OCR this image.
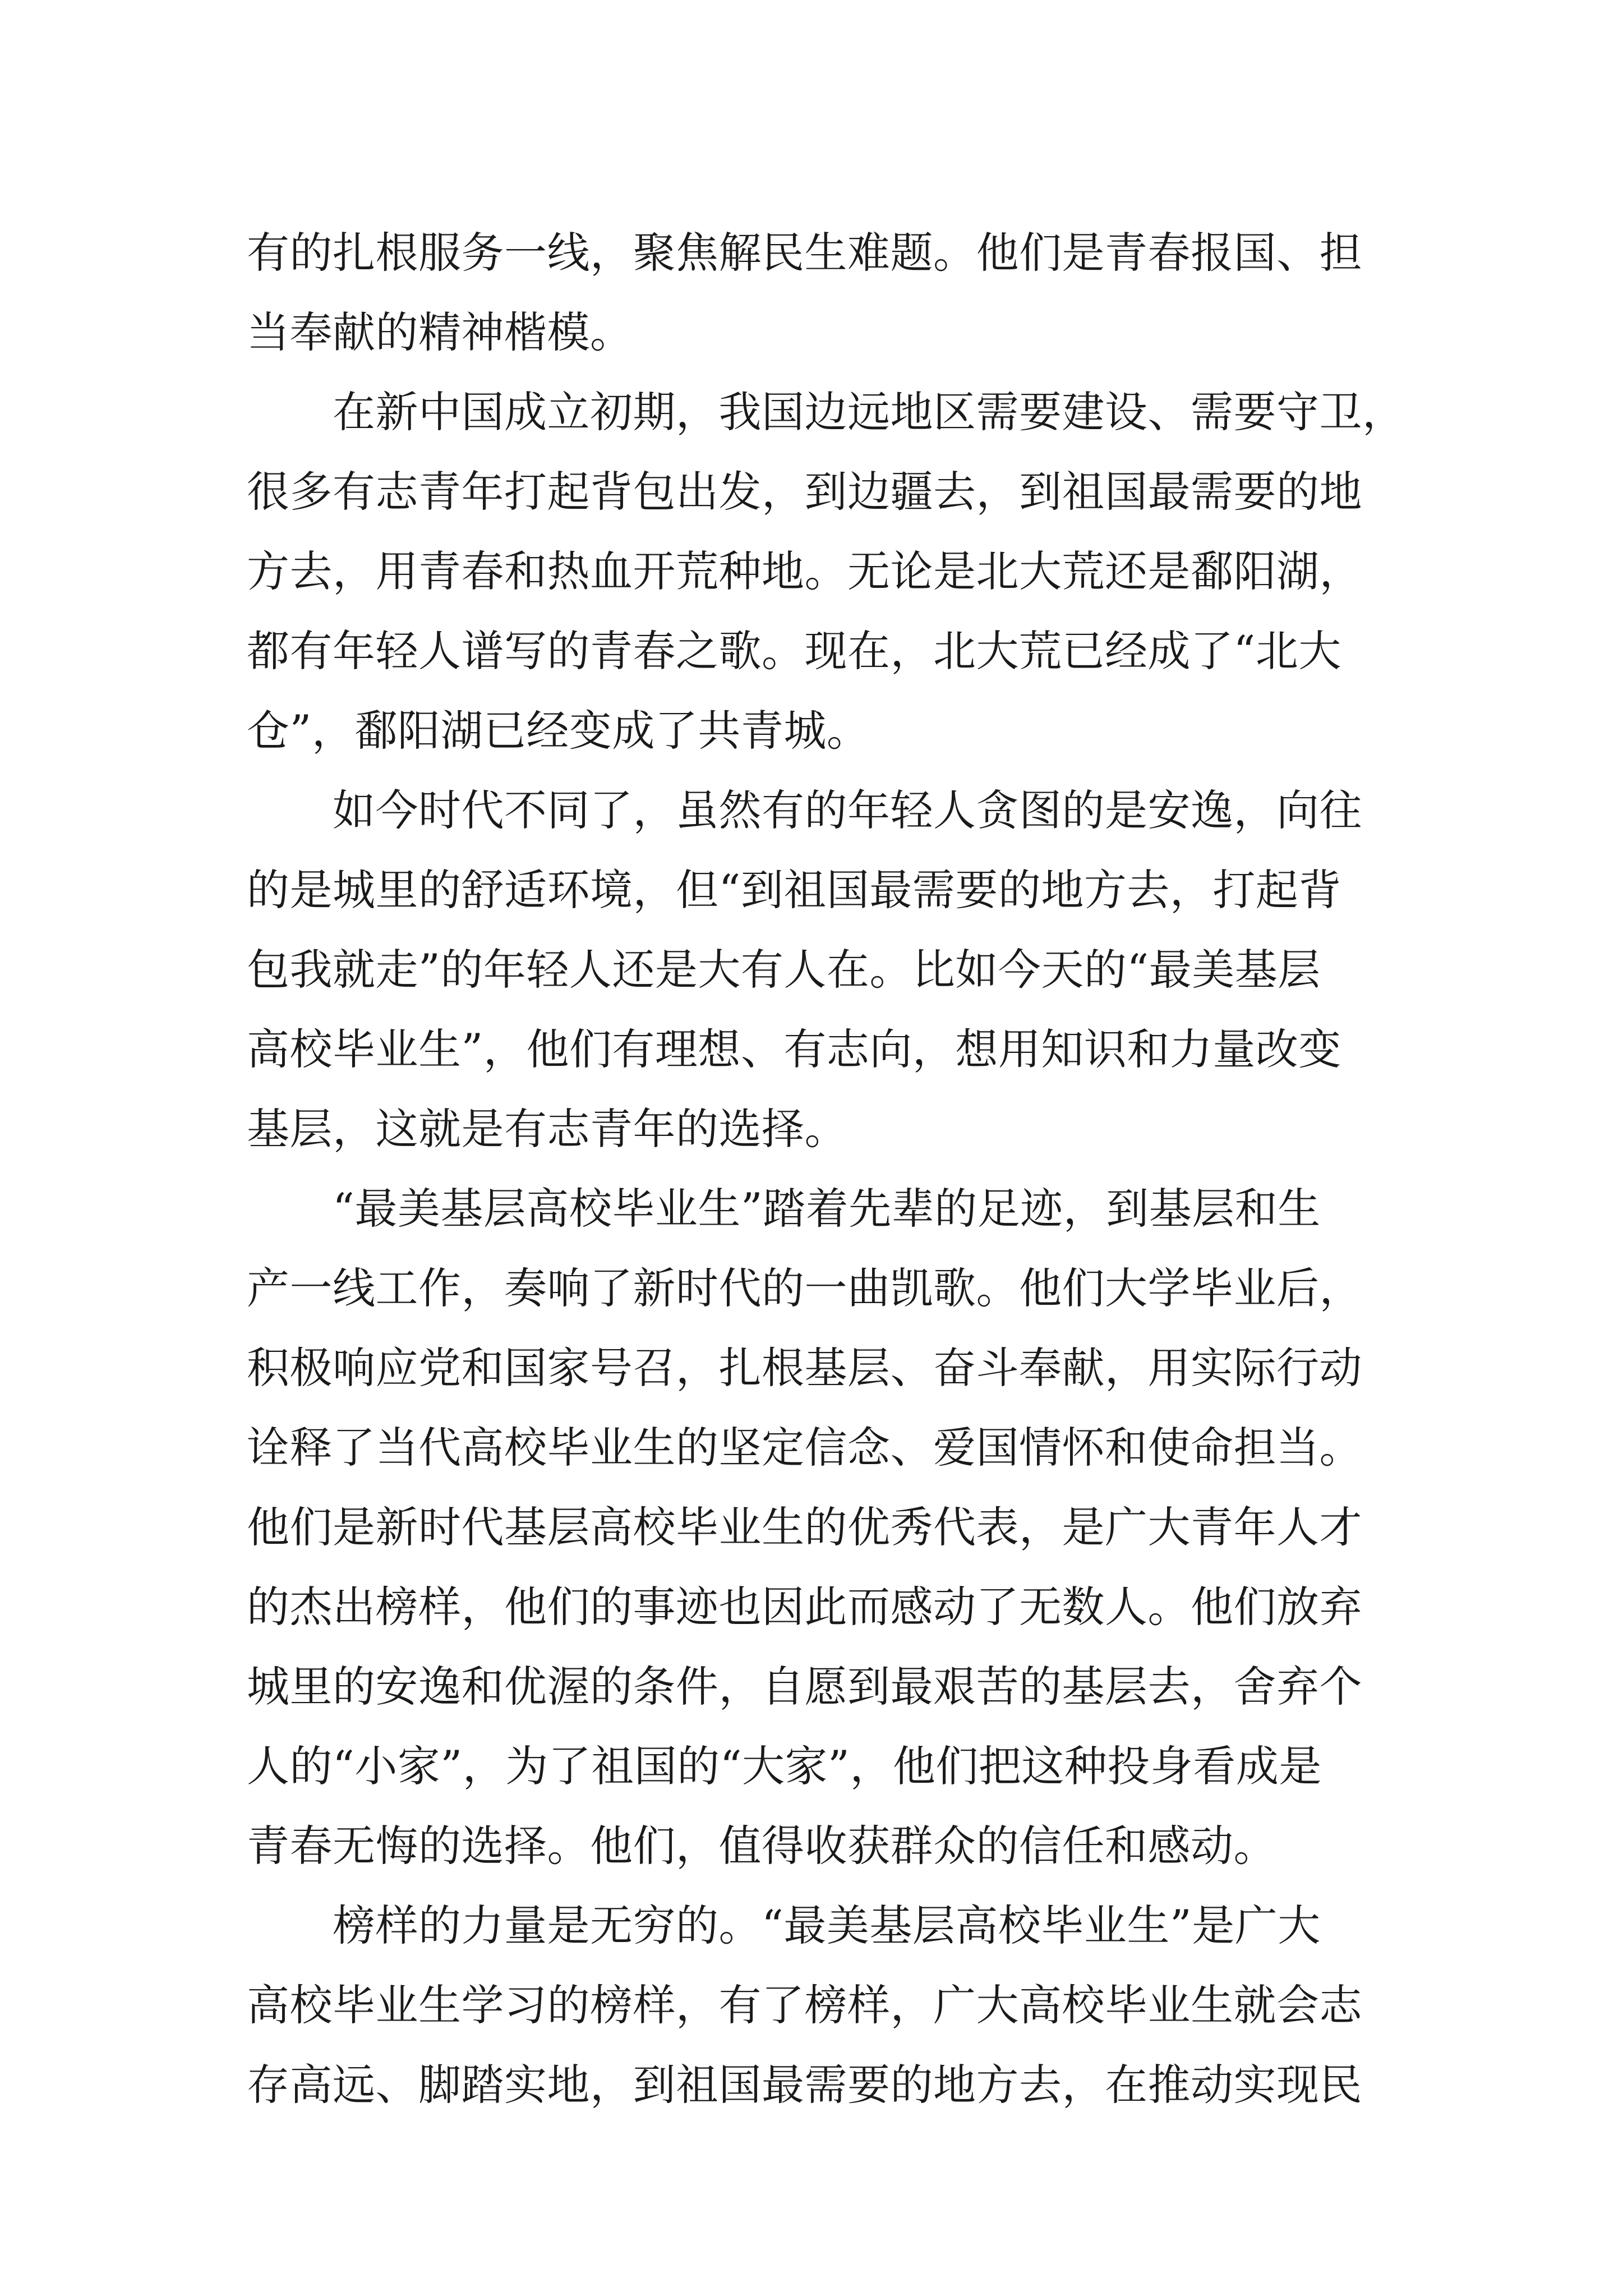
有的扎根服务一线，聚焦解民生难题。他们是青春报国、担
当奉献的精神楷模。
　　在新中国成立初期，我国边远地区需要建设、需要守卫，
很多有志青年打起背包出发，到边疆去，到祖国最需要的地
方去，用青春和热血开荒种地。无论是北大荒还是鄱阳湖，
都有年轻人谱写的青春之歌。现在，北大荒已经成了“北大
仓”，鄱阳湖已经变成了共青城。
　　如今时代不同了，虽然有的年轻人贪图的是安逸，向往
的是城里的舒适环境，但“到祖国最需要的地方去，打起背
包我就走”的年轻人还是大有人在。比如今天的“最美基层
高校毕业生”，他们有理想、有志向，想用知识和力量改变
基层，这就是有志青年的选择。
　　“最美基层高校毕业生”踏着先辈的足迹，到基层和生
产一线工作，奏响了新时代的一曲凯歌。他们大学毕业后，
积极响应党和国家号召，扎根基层、奋斗奉献，用实际行动
诠释了当代高校毕业生的坚定信念、爱国情怀和使命担当。
他们是新时代基层高校毕业生的优秀代表，是广大青年人才
的杰出榜样，他们的事迹也因此而感动了无数人。他们放弃
城里的安逸和优渥的条件，自愿到最艰苦的基层去，舍弃个
人的“小家”，为了祖国的“大家”，他们把这种投身看成是
青春无悔的选择。他们，值得收获群众的信任和感动。
　　榜样的力量是无穷的。“最美基层高校毕业生”是广大
高校毕业生学习的榜样，有了榜样，广大高校毕业生就会志
存高远、脚踏实地，到祖国最需要的地方去，在推动实现民
